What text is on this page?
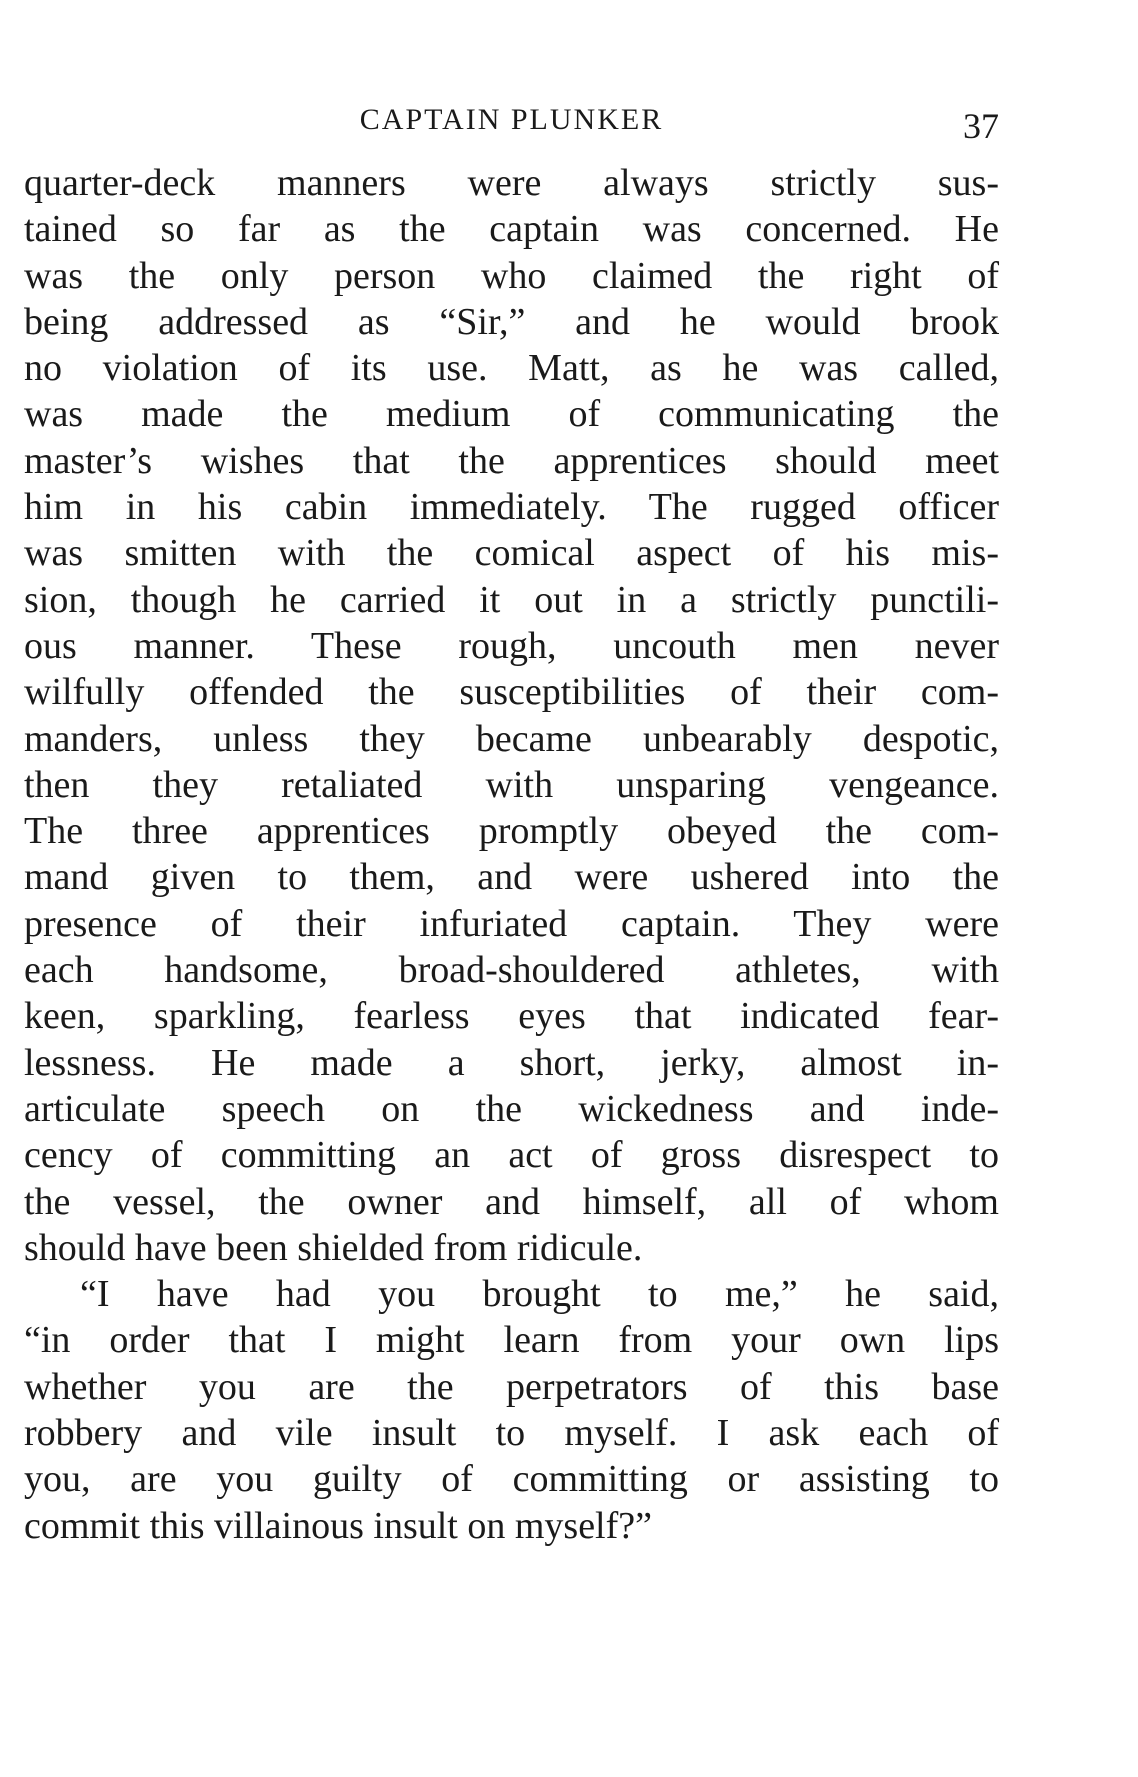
CAPTAIN PLUNKER	37
quarter-deck manners were always strictly sus-
tained so far as the captain was concerned. He
was the only person who claimed the right of
being addressed as “Sir,” and he would brook
no violation of its use. Matt, as he was called,
was made the medium of communicating the
master’s wishes that the apprentices should meet
him in his cabin immediately. The rugged officer
was smitten with the comical aspect of his mis-
sion, though he carried it out in a strictly punctili-
ous manner. These rough, uncouth men never
wilfully offended the susceptibilities of their com-
manders, unless they became unbearably despotic,
then they retaliated with unsparing vengeance.
The three apprentices promptly obeyed the com-
mand given to them, and were ushered into the
presence of their infuriated captain. They were
each handsome, broad-shouldered athletes, with
keen, sparkling, fearless eyes that indicated fear-
lessness. He made a short, jerky, almost in-
articulate speech on the wickedness and inde-
cency of committing an act of gross disrespect to
the vessel, the owner and himself, all of whom
should have been shielded from ridicule.
“I have had you brought to me,” he said,
“in order that I might learn from your own lips
whether you are the perpetrators of this base
robbery and vile insult to myself. I ask each of
you, are you guilty of committing or assisting to
commit this villainous insult on myself?”
